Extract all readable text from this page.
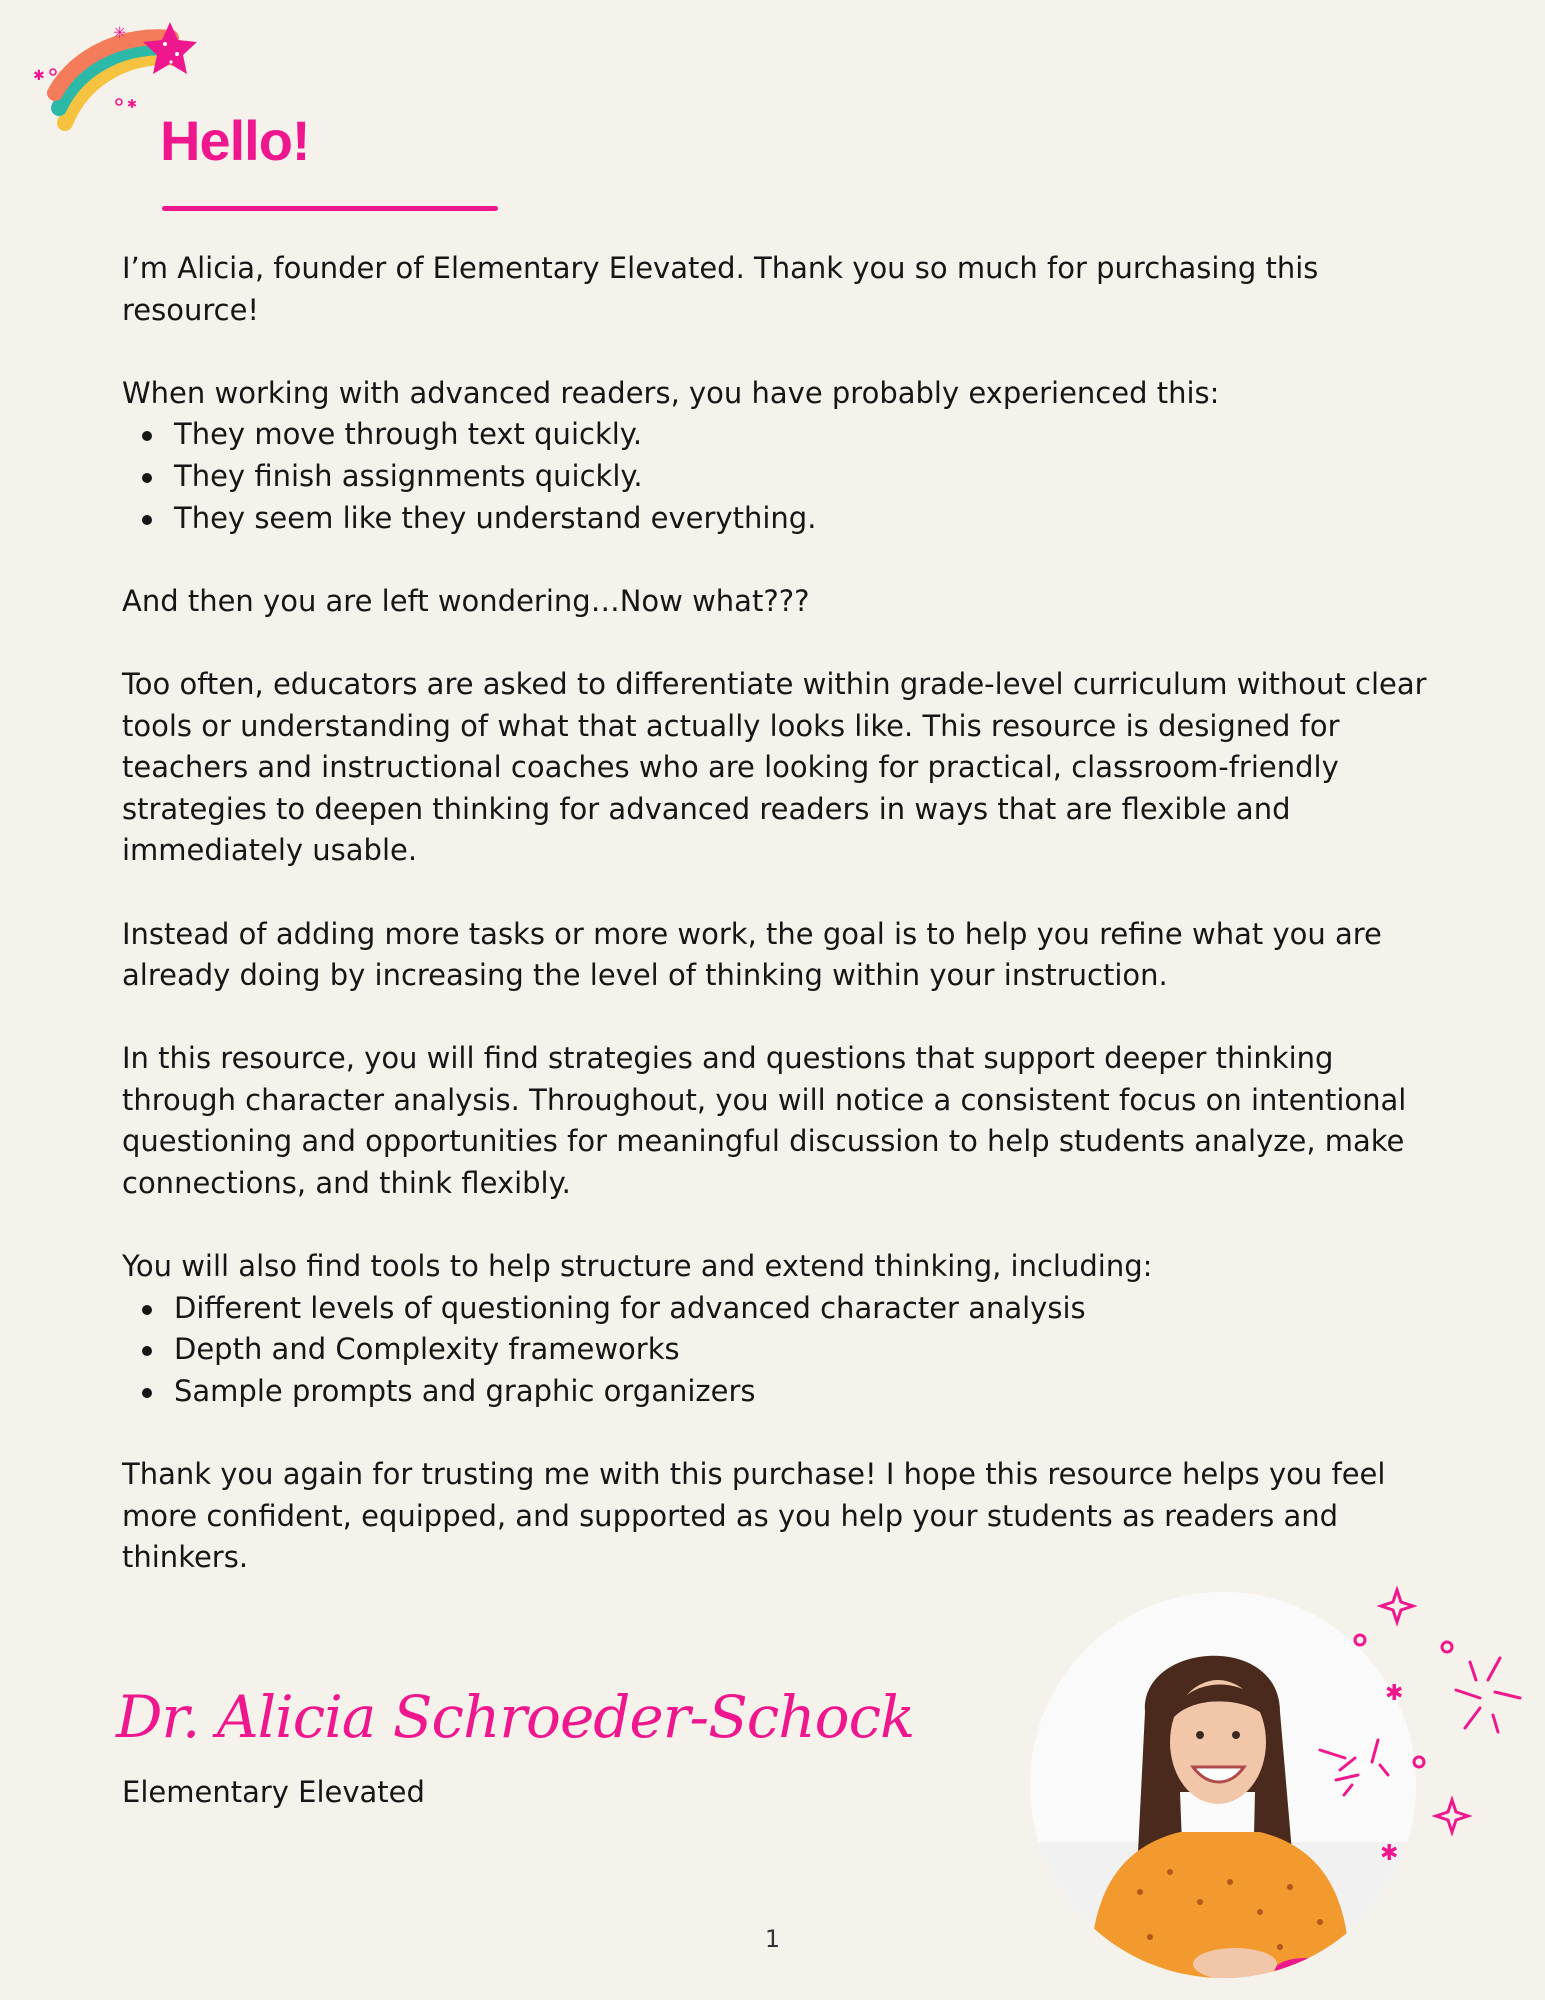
✱
✱
✳
Hello!

I’m Alicia, founder of Elementary Elevated. Thank you so much for purchasing this resource!

When working with advanced readers, you have probably experienced this:

They move through text quickly.
They finish assignments quickly.
They seem like they understand everything.

And then you are left wondering…Now what???

Too often, educators are asked to differentiate within grade-level curriculum without clear tools or understanding of what that actually looks like. This resource is designed for teachers and instructional coaches who are looking for practical, classroom-friendly strategies to deepen thinking for advanced readers in ways that are flexible and immediately usable.

Instead of adding more tasks or more work, the goal is to help you refine what you are already doing by increasing the level of thinking within your instruction.

In this resource, you will find strategies and questions that support deeper thinking through character analysis. Throughout, you will notice a consistent focus on intentional questioning and opportunities for meaningful discussion to help students analyze, make connections, and think flexibly.

You will also find tools to help structure and extend thinking, including:

Different levels of questioning for advanced character analysis
Depth and Complexity frameworks
Sample prompts and graphic organizers

Thank you again for trusting me with this purchase! I hope this resource helps you feel more confident, equipped, and supported as you help your students as readers and thinkers.

Dr. Alicia Schroeder-Schock
Elementary Elevated
✱
✱
1
